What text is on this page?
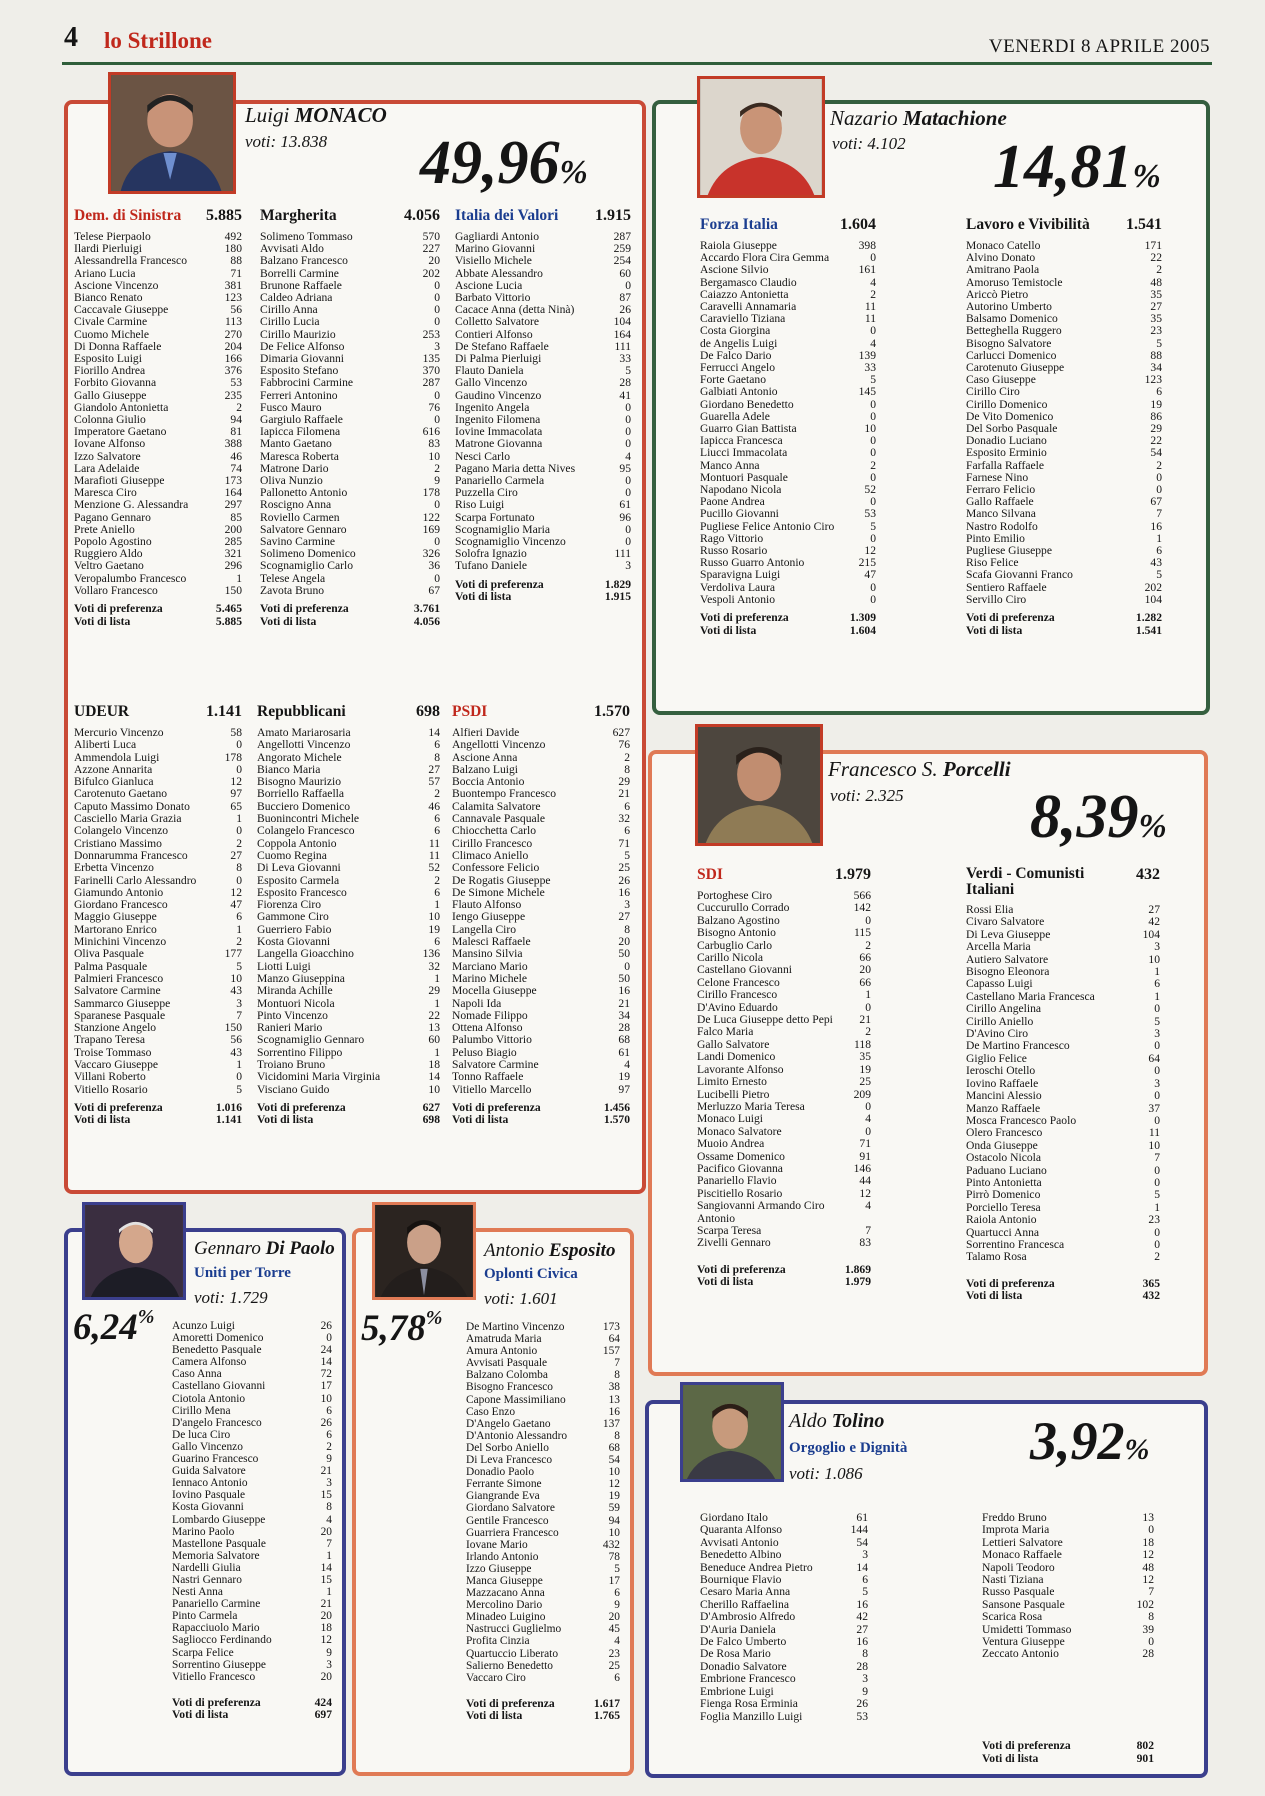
4 lo Strillone	VENERDI 8 APRILE 2005
Luigi MONACO
voti: 13.838 49,96%
Dem. di Sinistra 5.885
Telese Pierpaolo	492
Ilardi Pierluigi	180
Alessandrella Francesco	88
Ariano Lucia	71
Ascione Vincenzo	381
Bianco Renato	123
Caccavale Giuseppe	56
Civale Carmine	113
Cuomo Michele	270
Di Donna Raffaele	204
Esposito Luigi	166
Fiorillo Andrea	376
Forbito Giovanna	53
Gallo Giuseppe	235
Giandolo Antonietta	2
Colonna Giulio	94
Imperatore Gaetano	81
Iovane Alfonso	388
Izzo Salvatore	46
Lara Adelaide	74
Marafioti Giuseppe	173
Maresca Ciro	164
Menzione G. Alessandra	297
Pagano Gennaro	85
Prete Aniello	200
Popolo Agostino	285
Ruggiero Aldo	321
Veltro Gaetano	296
Veropalumbo Francesco	1
Vollaro Francesco	150
Voti di preferenza	5.465
Voti di lista	5.885
Margherita	4.056
Solimeno Tommaso	570
Avvisati Aldo	227
Balzano Francesco	20
Borrelli Carmine	202
Brunone Raffaele	0
Caldeo Adriana	0
Cirillo Anna	0
Cirillo Lucia	0
Cirillo Maurizio	253
De Felice Alfonso	3
Dimaria Giovanni	135
Esposito Stefano	370
Fabbrocini Carmine	287
Ferreri Antonino	0
Fusco Mauro	76
Gargiulo Raffaele	0
Iapicca Filomena	616
Manto Gaetano	83
Maresca Roberta	10
Matrone Dario	2
Oliva Nunzio	9
Pallonetto Antonio	178
Roscigno Anna	0
Roviello Carmen	122
Salvatore Gennaro	169
Savino Carmine	0
Solimeno Domenico	326
Scognamiglio Carlo	36
Telese Angela	0
Zavota Bruno	67
Voti di preferenza	3.761
Voti di lista	4.056
Italia dei Valori 1.915
Gagliardi Antonio	287
Marino Giovanni	259
Visiello Michele	254
Abbate Alessandro	60
Ascione Lucia	0
Barbato Vittorio	87
Cacace Anna (detta Ninà)	26
Colletto Salvatore	104
Contieri Alfonso	164
De Stefano Raffaele	111
Di Palma Pierluigi	33
Flauto Daniela	5
Gallo Vincenzo	28
Gaudino Vincenzo	41
Ingenito Angela	0
Ingenito Filomena	0
Iovine Immacolata	0
Matrone Giovanna	0
Nesci Carlo	4
Pagano Maria detta Nives	95
Panariello Carmela	0
Puzzella Ciro	0
Riso Luigi	61
Scarpa Fortunato	96
Scognamiglio Maria	0
Scognamiglio Vincenzo	0
Solofra Ignazio	111
Tufano Daniele	3
Voti di preferenza	1.829
Voti di lista	1.915
UDEUR	1.141
Mercurio Vincenzo	58
Aliberti Luca	0
Ammendola Luigi	178
Azzone Annarita	0
Bifulco Gianluca	12
Carotenuto Gaetano	97
Caputo Massimo Donato	65
Casciello Maria Grazia	1
Colangelo Vincenzo	0
Cristiano Massimo	2
Donnarumma Francesco	27
Erbetta Vincenzo	8
Farinelli Carlo Alessandro	0
Giamundo Antonio	12
Giordano Francesco	47
Maggio Giuseppe	6
Martorano Enrico	1
Minichini Vincenzo	2
Oliva Pasquale	177
Palma Pasquale	5
Palmieri Francesco	10
Salvatore Carmine	43
Sammarco Giuseppe	3
Sparanese Pasquale	7
Stanzione Angelo	150
Trapano Teresa	56
Troise Tommaso	43
Vaccaro Giuseppe	1
Villani Roberto	0
Vitiello Rosario	5
Voti di preferenza	1.016
Voti di lista	1.141
Repubblicani	698
Amato Mariarosaria	14
Angellotti Vincenzo	6
Angorato Michele	8
Bianco Maria	27
Bisogno Maurizio	57
Borriello Raffaella	2
Bucciero Domenico	46
Buonincontri Michele	6
Colangelo Francesco	6
Coppola Antonio	11
Cuomo Regina	11
Di Leva Giovanni	52
Esposito Carmela	2
Esposito Francesco	6
Fiorenza Ciro	1
Gammone Ciro	10
Guerriero Fabio	19
Kosta Giovanni	6
Langella Gioacchino	136
Liotti Luigi	32
Manzo Giuseppina	1
Miranda Achille	29
Montuori Nicola	1
Pinto Vincenzo	22
Ranieri Mario	13
Scognamiglio Gennaro	60
Sorrentino Filippo	1
Troiano Bruno	18
Vicidomini Maria Virginia	14
Visciano Guido	10
Voti di preferenza	627
Voti di lista	698
PSDI	1.570
Alfieri Davide	627
Angellotti Vincenzo	76
Ascione Anna	2
Balzano Luigi	8
Boccia Antonio	29
Buontempo Francesco	21
Calamita Salvatore	6
Cannavale Pasquale	32
Chiocchetta Carlo	6
Cirillo Francesco	71
Climaco Aniello	5
Confessore Felicio	25
De Rogatis Giuseppe	26
De Simone Michele	16
Flauto Alfonso	3
Iengo Giuseppe	27
Langella Ciro	8
Malesci Raffaele	20
Mansino Silvia	50
Marciano Mario	0
Marino Michele	50
Mocella Giuseppe	16
Napoli Ida	21
Nomade Filippo	34
Ottena Alfonso	28
Palumbo Vittorio	68
Peluso Biagio	61
Salvatore Carmine	4
Tonno Raffaele	19
Vitiello Marcello	97
Voti di preferenza	1.456
Voti di lista	1.570
Nazario Matachione
voti: 4.102 14,81%
Forza Italia	1.604
Raiola Giuseppe	398
Accardo Flora Cira Gemma	0
Ascione Silvio	161
Bergamasco Claudio	4
Caiazzo Antonietta	2
Caravelli Annamaria	11
Caraviello Tiziana	11
Costa Giorgina	0
de Angelis Luigi	4
De Falco Dario	139
Ferrucci Angelo	33
Forte Gaetano	5
Galbiati Antonio	145
Giordano Benedetto	0
Guarella Adele	0
Guarro Gian Battista	10
Iapicca Francesca	0
Liucci Immacolata	0
Manco Anna	2
Montuori Pasquale	0
Napodano Nicola	52
Paone Andrea	0
Pucillo Giovanni	53
Pugliese Felice Antonio Ciro	5
Rago Vittorio	0
Russo Rosario	12
Russo Guarro Antonio	215
Sparavigna Luigi	47
Verdoliva Laura	0
Vespoli Antonio	0
Voti di preferenza	1.309
Voti di lista	1.604
Lavoro e Vivibilità 1.541
Monaco Catello	171
Alvino Donato	22
Amitrano Paola	2
Amoruso Temistocle	48
Ariccò Pietro	35
Autorino Umberto	27
Balsamo Domenico	35
Betteghella Ruggero	23
Bisogno Salvatore	5
Carlucci Domenico	88
Carotenuto Giuseppe	34
Caso Giuseppe	123
Cirillo Ciro	6
Cirillo Domenico	19
De Vito Domenico	86
Del Sorbo Pasquale	29
Donadio Luciano	22
Esposito Erminio	54
Farfalla Raffaele	2
Farnese Nino	0
Ferraro Felicio	0
Gallo Raffaele	67
Manco Silvana	7
Nastro Rodolfo	16
Pinto Emilio	1
Pugliese Giuseppe	6
Riso Felice	43
Scafa Giovanni Franco	5
Sentiero Raffaele	202
Servillo Ciro	104
Voti di preferenza	1.282
Voti di lista	1.541
Francesco S. Porcelli
voti: 2.325 8,39%
SDI	1.979
Portoghese Ciro	566
Cuccurullo Corrado	142
Balzano Agostino	0
Bisogno Antonio	115
Carbuglio Carlo	2
Carillo Nicola	66
Castellano Giovanni	20
Celone Francesco	66
Cirillo Francesco	1
D'Avino Eduardo	0
De Luca Giuseppe detto Pepi	21
Falco Maria	2
Gallo Salvatore	118
Landi Domenico	35
Lavorante Alfonso	19
Limito Ernesto	25
Lucibelli Pietro	209
Merluzzo Maria Teresa	0
Monaco Luigi	4
Monaco Salvatore	0
Muoio Andrea	71
Ossame Domenico	91
Pacifico Giovanna	146
Panariello Flavio	44
Piscitiello Rosario	12
Sangiovanni Armando Ciro	4
Antonio
Scarpa Teresa	7
Zivelli Gennaro	83
Voti di preferenza	1.869
Voti di lista	1.979
Verdi - Comunisti Italiani
432
Rossi Elia	27
Civaro Salvatore	42
Di Leva Giuseppe	104
Arcella Maria	3
Autiero Salvatore	10
Bisogno Eleonora	1
Capasso Luigi	6
Castellano Maria Francesca	1
Cirillo Angelina	0
Cirillo Aniello	5
D'Avino Ciro	3
De Martino Francesco	0
Giglio Felice	64
Ieroschi Otello	0
Iovino Raffaele	3
Mancini Alessio	0
Manzo Raffaele	37
Mosca Francesco Paolo	0
Olero Francesco	11
Onda Giuseppe	10
Ostacolo Nicola	7
Paduano Luciano	0
Pinto Antonietta	0
Pirrò Domenico	5
Porciello Teresa	1
Raiola Antonio	23
Quartucci Anna	0
Sorrentino Francesca	0
Talamo Rosa	2
Voti di preferenza	365
Voti di lista	432
Gennaro Di Paolo
Uniti per Torre
voti: 1.729
6,24% Acunzo Luigi	26
Amoretti Domenico	0
Benedetto Pasquale	24
Camera Alfonso	14
Caso Anna	72
Castellano Giovanni	17
Ciotola Antonio	10
Cirillo Mena	6
D'angelo Francesco	26
De luca Ciro	6
Gallo Vincenzo	2
Guarino Francesco	9
Guida Salvatore	21
Iennaco Antonio	3
Iovino Pasquale	15
Kosta Giovanni	8
Lombardo Giuseppe	4
Marino Paolo	20
Mastellone Pasquale	7
Memoria Salvatore	1
Nardelli Giulia	14
Nastri Gennaro	15
Nesti Anna	1
Panariello Carmine	21
Pinto Carmela	20
Rapacciuolo Mario	18
Sagliocco Ferdinando	12
Scarpa Felice	9
Sorrentino Giuseppe	3
Vitiello Francesco	20
Voti di preferenza	424
Voti di lista	697
Antonio Esposito
Oplonti Civica
voti: 1.601
5,78% De Martino Vincenzo	173
Amatruda Maria	64
Amura Antonio	157
Avvisati Pasquale	7
Balzano Colomba	8
Bisogno Francesco	38
Capone Massimiliano	13
Caso Enzo	16
D'Angelo Gaetano	137
D'Antonio Alessandro	8
Del Sorbo Aniello	68
Di Leva Francesco	54
Donadio Paolo	10
Ferrante Simone	12
Giangrande Eva	19
Giordano Salvatore	59
Gentile Francesco	94
Guarriera Francesco	10
Iovane Mario	432
Irlando Antonio	78
Izzo Giuseppe	5
Manca Giuseppe	17
Mazzacano Anna	6
Mercolino Dario	9
Minadeo Luigino	20
Nastrucci Guglielmo	45
Profita Cinzia	4
Quartuccio Liberato	23
Salierno Benedetto	25
Vaccaro Ciro	6
Voti di preferenza	1.617
Voti di lista	1.765
Aldo Tolino
Orgoglio e Dignità
voti: 1.086
3,92%
Giordano Italo	61
Quaranta Alfonso	144
Avvisati Antonio	54
Benedetto Albino	3
Beneduce Andrea Pietro	14
Bournique Flavio	6
Cesaro Maria Anna	5
Cherillo Raffaelina	16
D'Ambrosio Alfredo	42
D'Auria Daniela	27
De Falco Umberto	16
De Rosa Mario	8
Donadio Salvatore	28
Embrione Francesco	3
Embrione Luigi	9
Fienga Rosa Erminia	26
Foglia Manzillo Luigi	53
Freddo Bruno	13
Improta Maria	0
Lettieri Salvatore	18
Monaco Raffaele	12
Napoli Teodoro	48
Nasti Tiziana	12
Russo Pasquale	7
Sansone Pasquale	102
Scarica Rosa	8
Umidetti Tommaso	39
Ventura Giuseppe	0
Zeccato Antonio	28
Voti di preferenza	802
Voti di lista	901
